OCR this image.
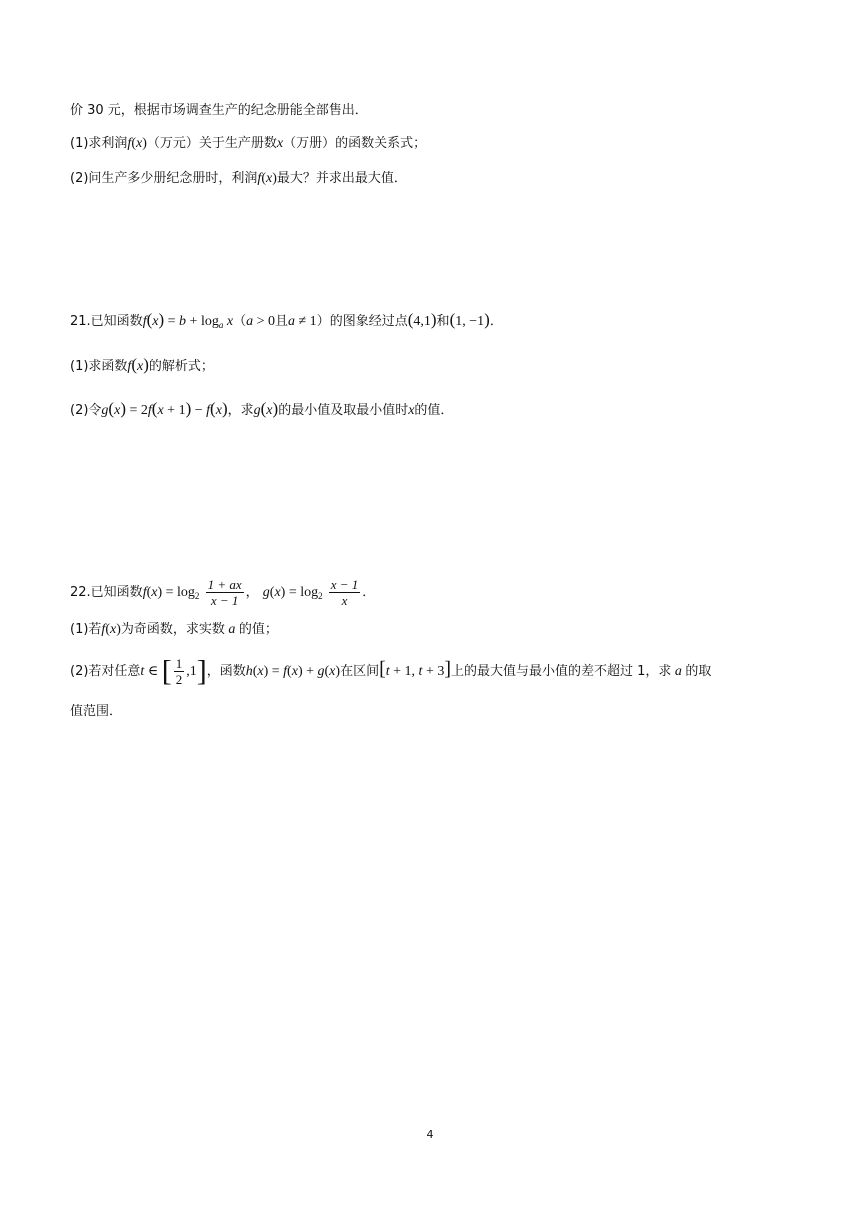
价 30 元，根据市场调查生产的纪念册能全部售出．
(1)求利润f(x)（万元）关于生产册数x（万册）的函数关系式；
(2)问生产多少册纪念册时，利润f(x)最大？并求出最大值．
21.已知函数$f(x) = b + \log_a x(a > 0$且a ≠ 1）的图象经过点(4,1)和(1, −1)．
(1)求函数f(x)的解析式；
(2)令g(x) = 2f(x + 1) − f(x)，求g(x)的最小值及取最小值时x的值．
22.已知函数$f(x) = \log_2 \frac{1 + ax}{x - 1}$ ， $g(x) = \log_2 \frac{x - 1}{x}$ ．
(1)若f(x)为奇函数，求实数 a 的值；
(2)若对任意t ∈ [ $\frac{1}{2} ,1$]，函数h(x) = f(x) + g(x)在区间[t + 1, t + 3]上的最大值与最小值的差不超过 1，求 a 的取
值范围．
4
